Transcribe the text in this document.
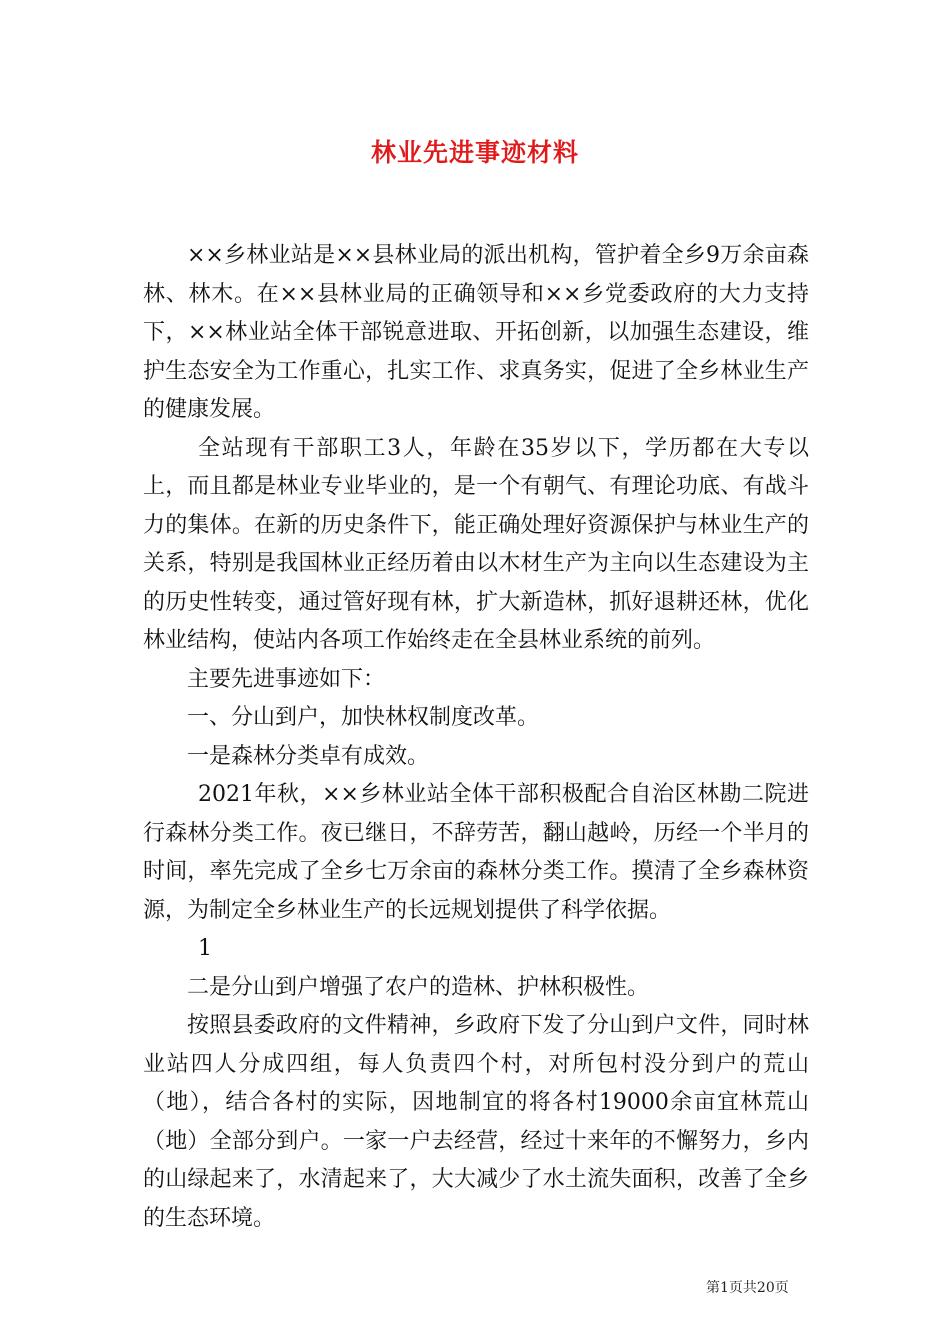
林业先进事迹材料

××乡林业站是××县林业局的派出机构，管护着全乡9万余亩森林、林木。在××县林业局的正确领导和××乡党委政府的大力支持下，××林业站全体干部锐意进取、开拓创新，以加强生态建设，维护生态安全为工作重心，扎实工作、求真务实，促进了全乡林业生产的健康发展。

全站现有干部职工3人，年龄在35岁以下，学历都在大专以上，而且都是林业专业毕业的，是一个有朝气、有理论功底、有战斗力的集体。在新的历史条件下，能正确处理好资源保护与林业生产的关系，特别是我国林业正经历着由以木材生产为主向以生态建设为主的历史性转变，通过管好现有林，扩大新造林，抓好退耕还林，优化林业结构，使站内各项工作始终走在全县林业系统的前列。

主要先进事迹如下：

一、分山到户，加快林权制度改革。

一是森林分类卓有成效。

2021年秋，××乡林业站全体干部积极配合自治区林勘二院进行森林分类工作。夜已继日，不辞劳苦，翻山越岭，历经一个半月的时间，率先完成了全乡七万余亩的森林分类工作。摸清了全乡森林资源，为制定全乡林业生产的长远规划提供了科学依据。

1

二是分山到户增强了农户的造林、护林积极性。

按照县委政府的文件精神，乡政府下发了分山到户文件，同时林业站四人分成四组，每人负责四个村，对所包村没分到户的荒山（地），结合各村的实际，因地制宜的将各村19000余亩宜林荒山（地）全部分到户。一家一户去经营，经过十来年的不懈努力，乡内的山绿起来了，水清起来了，大大减少了水土流失面积，改善了全乡的生态环境。

第1页共20页
